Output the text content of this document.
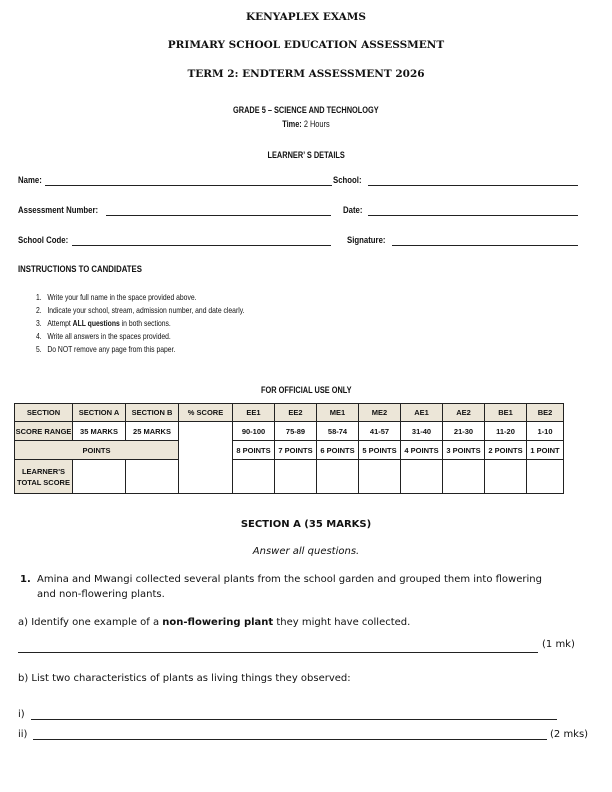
KENYAPLEX EXAMS
PRIMARY SCHOOL EDUCATION ASSESSMENT
TERM 2: ENDTERM ASSESSMENT 2026
GRADE 5 – SCIENCE AND TECHNOLOGY
Time: 2 Hours
LEARNER’ S DETAILS
Name:	School:
Assessment Number:	Date:
School Code:	Signature:
INSTRUCTIONS TO CANDIDATES
1. Write your full name in the space provided above.
2. Indicate your school, stream, admission number, and date clearly.
3. Attempt ALL questions in both sections.
4. Write all answers in the spaces provided.
5. Do NOT remove any page from this paper.
FOR OFFICIAL USE ONLY
SECTION	SECTION A	SECTION B	% SCORE	EE1	EE2	ME1	ME2	AE1	AE2	BE1	BE2
SCORE RANGE	35 MARKS	25 MARKS		90-100	75-89	58-74	41-57	31-40	21-30	11-20	1-10
POINTS				8 POINTS	7 POINTS	6 POINTS	5 POINTS	4 POINTS	3 POINTS	2 POINTS	1 POINT
LEARNER'S
TOTAL SCORE											
SECTION A (35 MARKS)
Answer all questions.
1. Amina and Mwangi collected several plants from the school garden and grouped them into flowering
and non-flowering plants.
a) Identify one example of a non-flowering plant they might have collected.
(1 mk)
b) List two characteristics of plants as living things they observed:
i)
ii)	(2 mks)
